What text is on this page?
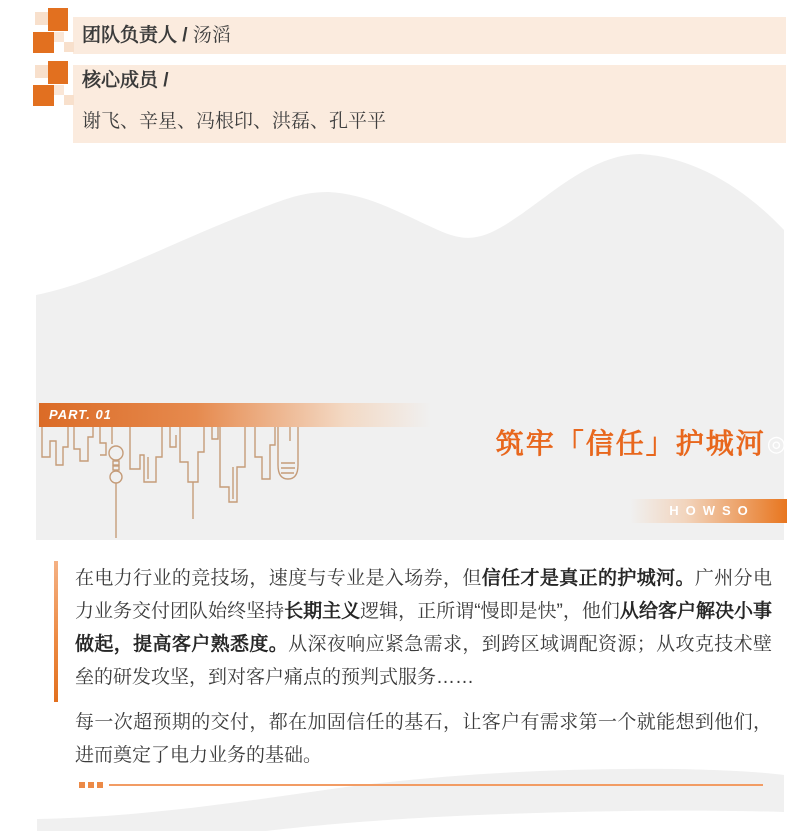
团队负责人 / 汤滔
核心成员 /
谢飞、辛星、冯根印、洪磊、孔平平
PART. 01
筑牢「信任」护城河◎
HOWSO
在电力行业的竞技场，速度与专业是入场券，但信任才是真正的护城河。广州分电力业务交付团队始终坚持长期主义逻辑，正所谓“慢即是快”，他们从给客户解决小事做起，提高客户熟悉度。从深夜响应紧急需求，到跨区域调配资源；从攻克技术壁垒的研发攻坚，到对客户痛点的预判式服务……
每一次超预期的交付，都在加固信任的基石，让客户有需求第一个就能想到他们，进而奠定了电力业务的基础。
